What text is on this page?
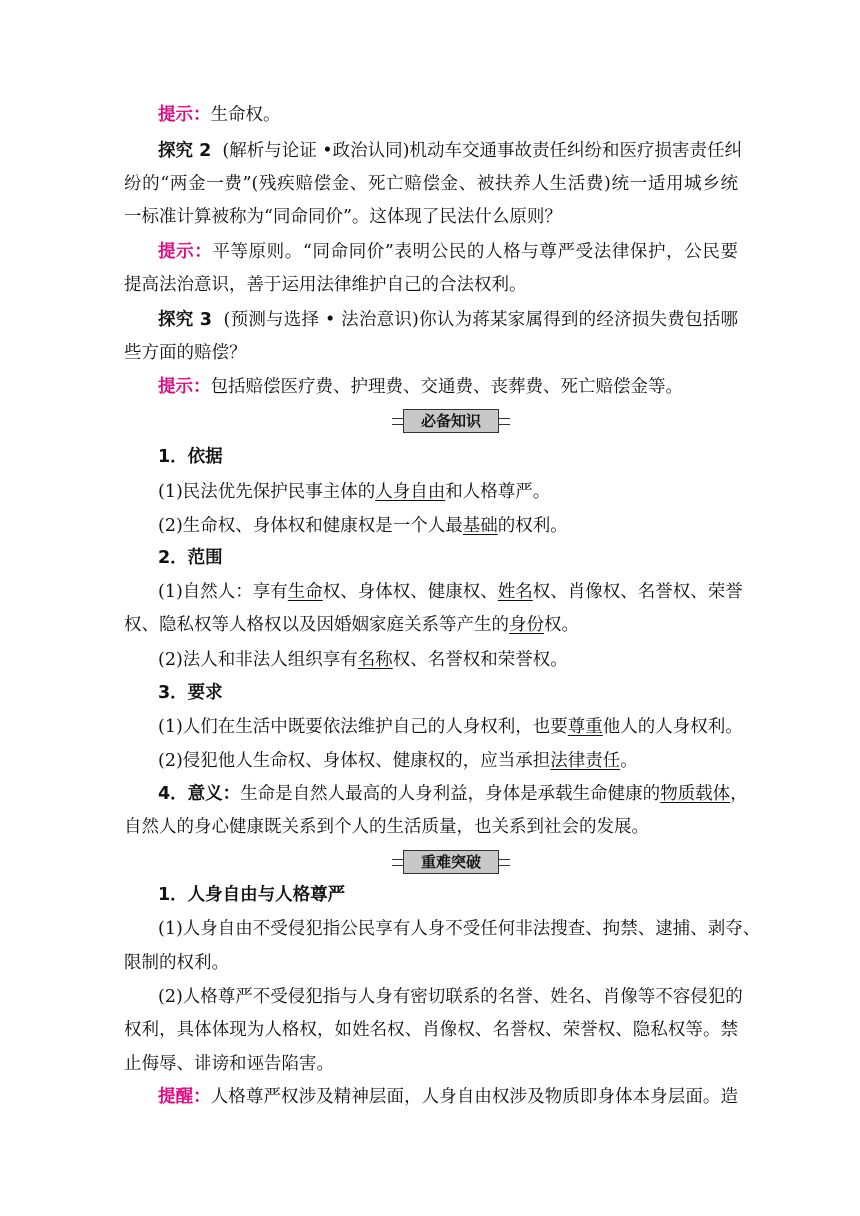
提示：生命权。
探究 2 (解析与论证 •政治认同)机动车交通事故责任纠纷和医疗损害责任纠
纷的“两金一费”(残疾赔偿金、死亡赔偿金、被扶养人生活费)统一适用城乡统
一标准计算被称为“同命同价”。这体现了民法什么原则？
提示：平等原则。“同命同价”表明公民的人格与尊严受法律保护，公民要
提高法治意识，善于运用法律维护自己的合法权利。
探究 3 (预测与选择 • 法治意识)你认为蒋某家属得到的经济损失费包括哪
些方面的赔偿？
提示：包括赔偿医疗费、护理费、交通费、丧葬费、死亡赔偿金等。
必备知识
1．依据
(1)民法优先保护民事主体的人身自由和人格尊严。
(2)生命权、身体权和健康权是一个人最基础的权利。
2．范围
(1)自然人：享有生命权、身体权、健康权、姓名权、肖像权、名誉权、荣誉
权、隐私权等人格权以及因婚姻家庭关系等产生的身份权。
(2)法人和非法人组织享有名称权、名誉权和荣誉权。
3．要求
(1)人们在生活中既要依法维护自己的人身权利，也要尊重他人的人身权利。
(2)侵犯他人生命权、身体权、健康权的，应当承担法律责任。
4．意义：生命是自然人最高的人身利益，身体是承载生命健康的物质载体，
自然人的身心健康既关系到个人的生活质量，也关系到社会的发展。
重难突破
1．人身自由与人格尊严
(1)人身自由不受侵犯指公民享有人身不受任何非法搜查、拘禁、逮捕、剥夺、
限制的权利。
(2)人格尊严不受侵犯指与人身有密切联系的名誉、姓名、肖像等不容侵犯的
权利，具体体现为人格权，如姓名权、肖像权、名誉权、荣誉权、隐私权等。禁
止侮辱、诽谤和诬告陷害。
提醒：人格尊严权涉及精神层面，人身自由权涉及物质即身体本身层面。造
